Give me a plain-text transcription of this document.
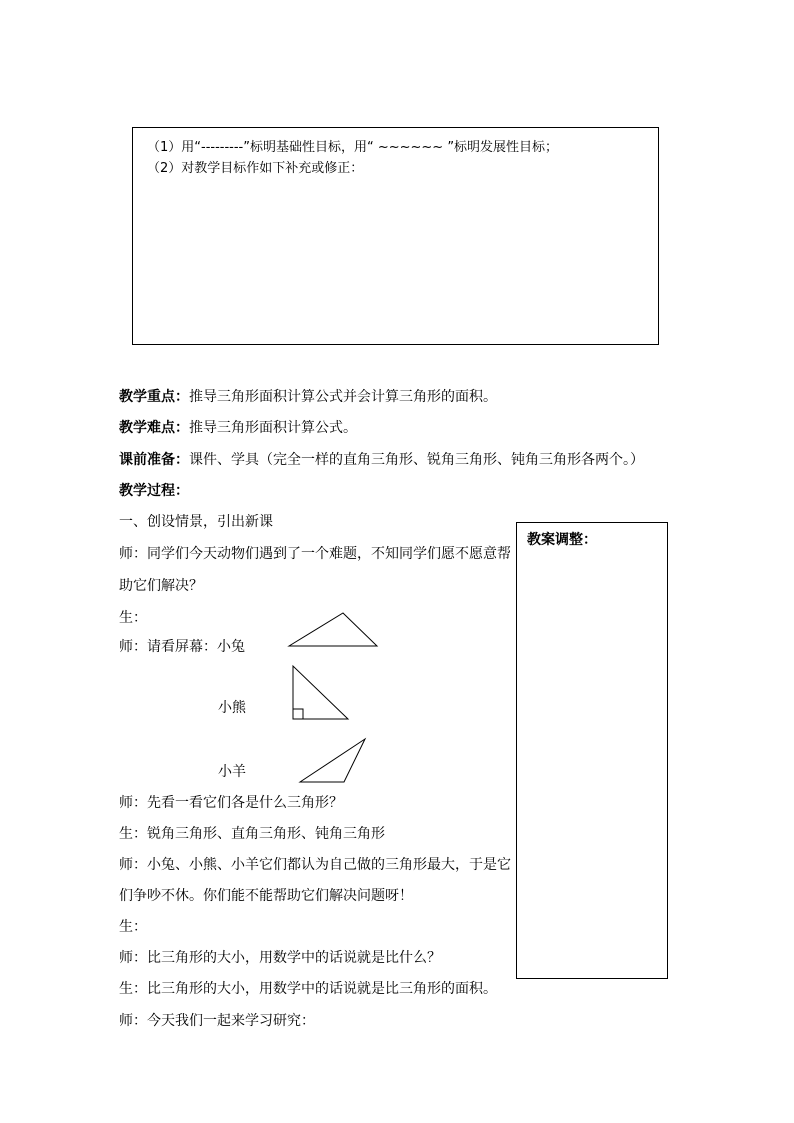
（1）用“---------”标明基础性目标，用“ ~~~~~~ ”标明发展性目标；
（2）对教学目标作如下补充或修正：
教学重点：推导三角形面积计算公式并会计算三角形的面积。
教学难点：推导三角形面积计算公式。
课前准备：课件、学具（完全一样的直角三角形、锐角三角形、钝角三角形各两个。）
教学过程：
一、创设情景，引出新课
师：同学们今天动物们遇到了一个难题，不知同学们愿不愿意帮
助它们解决？
生：
师：请看屏幕：小兔
小熊
小羊
师：先看一看它们各是什么三角形？
生：锐角三角形、直角三角形、钝角三角形
师：小兔、小熊、小羊它们都认为自己做的三角形最大，于是它
们争吵不休。你们能不能帮助它们解决问题呀！
生：
师：比三角形的大小，用数学中的话说就是比什么？
生：比三角形的大小，用数学中的话说就是比三角形的面积。
师：今天我们一起来学习研究：
教案调整：
